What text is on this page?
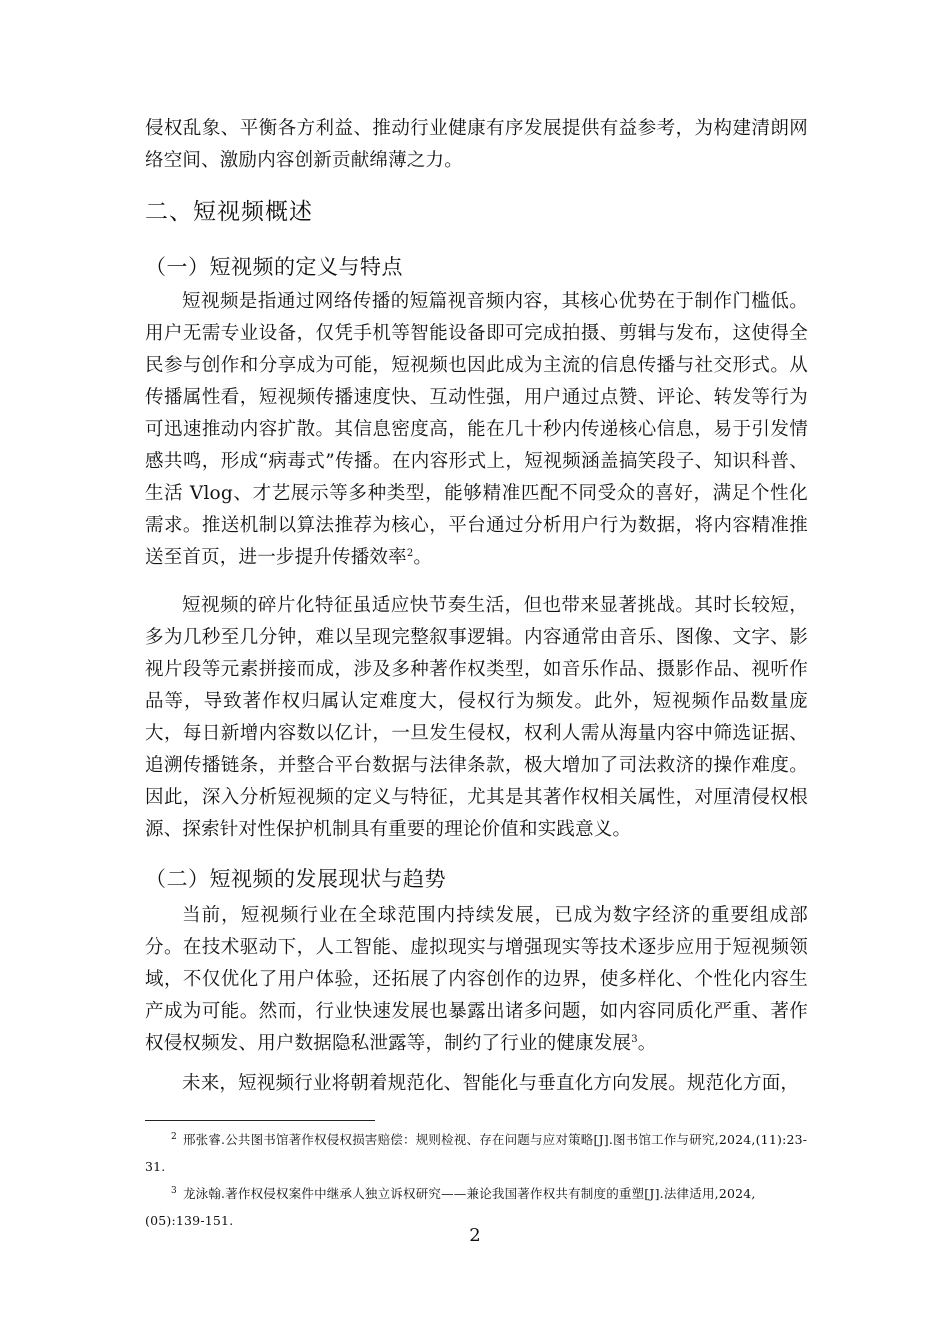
侵权乱象、平衡各方利益、推动行业健康有序发展提供有益参考，为构建清朗网络空间、激励内容创新贡献绵薄之力。

二、短视频概述
（一）短视频的定义与特点

短视频是指通过网络传播的短篇视音频内容，其核心优势在于制作门槛低。用户无需专业设备，仅凭手机等智能设备即可完成拍摄、剪辑与发布，这使得全民参与创作和分享成为可能，短视频也因此成为主流的信息传播与社交形式。从传播属性看，短视频传播速度快、互动性强，用户通过点赞、评论、转发等行为可迅速推动内容扩散。其信息密度高，能在几十秒内传递核心信息，易于引发情感共鸣，形成“病毒式”传播。在内容形式上，短视频涵盖搞笑段子、知识科普、生活 Vlog、才艺展示等多种类型，能够精准匹配不同受众的喜好，满足个性化需求。推送机制以算法推荐为核心，平台通过分析用户行为数据，将内容精准推送至首页，进一步提升传播效率$^2$。

短视频的碎片化特征虽适应快节奏生活，但也带来显著挑战。其时长较短，多为几秒至几分钟，难以呈现完整叙事逻辑。内容通常由音乐、图像、文字、影视片段等元素拼接而成，涉及多种著作权类型，如音乐作品、摄影作品、视听作品等，导致著作权归属认定难度大，侵权行为频发。此外，短视频作品数量庞大，每日新增内容数以亿计，一旦发生侵权，权利人需从海量内容中筛选证据、追溯传播链条，并整合平台数据与法律条款，极大增加了司法救济的操作难度。因此，深入分析短视频的定义与特征，尤其是其著作权相关属性，对厘清侵权根源、探索针对性保护机制具有重要的理论价值和实践意义。

（二）短视频的发展现状与趋势

当前，短视频行业在全球范围内持续发展，已成为数字经济的重要组成部分。在技术驱动下，人工智能、虚拟现实与增强现实等技术逐步应用于短视频领域，不仅优化了用户体验，还拓展了内容创作的边界，使多样化、个性化内容生产成为可能。然而，行业快速发展也暴露出诸多问题，如内容同质化严重、著作权侵权频发、用户数据隐私泄露等，制约了行业的健康发展$^3$。

未来，短视频行业将朝着规范化、智能化与垂直化方向发展。规范化方面，

$^2$ 邢张睿.公共图书馆著作权侵权损害赔偿：规则检视、存在问题与应对策略[J].图书馆工作与研究,2024,(11):23-31.

$^3$ 龙泳翰.著作权侵权案件中继承人独立诉权研究——兼论我国著作权共有制度的重塑[J].法律适用,2024,(05):139-151.

2
